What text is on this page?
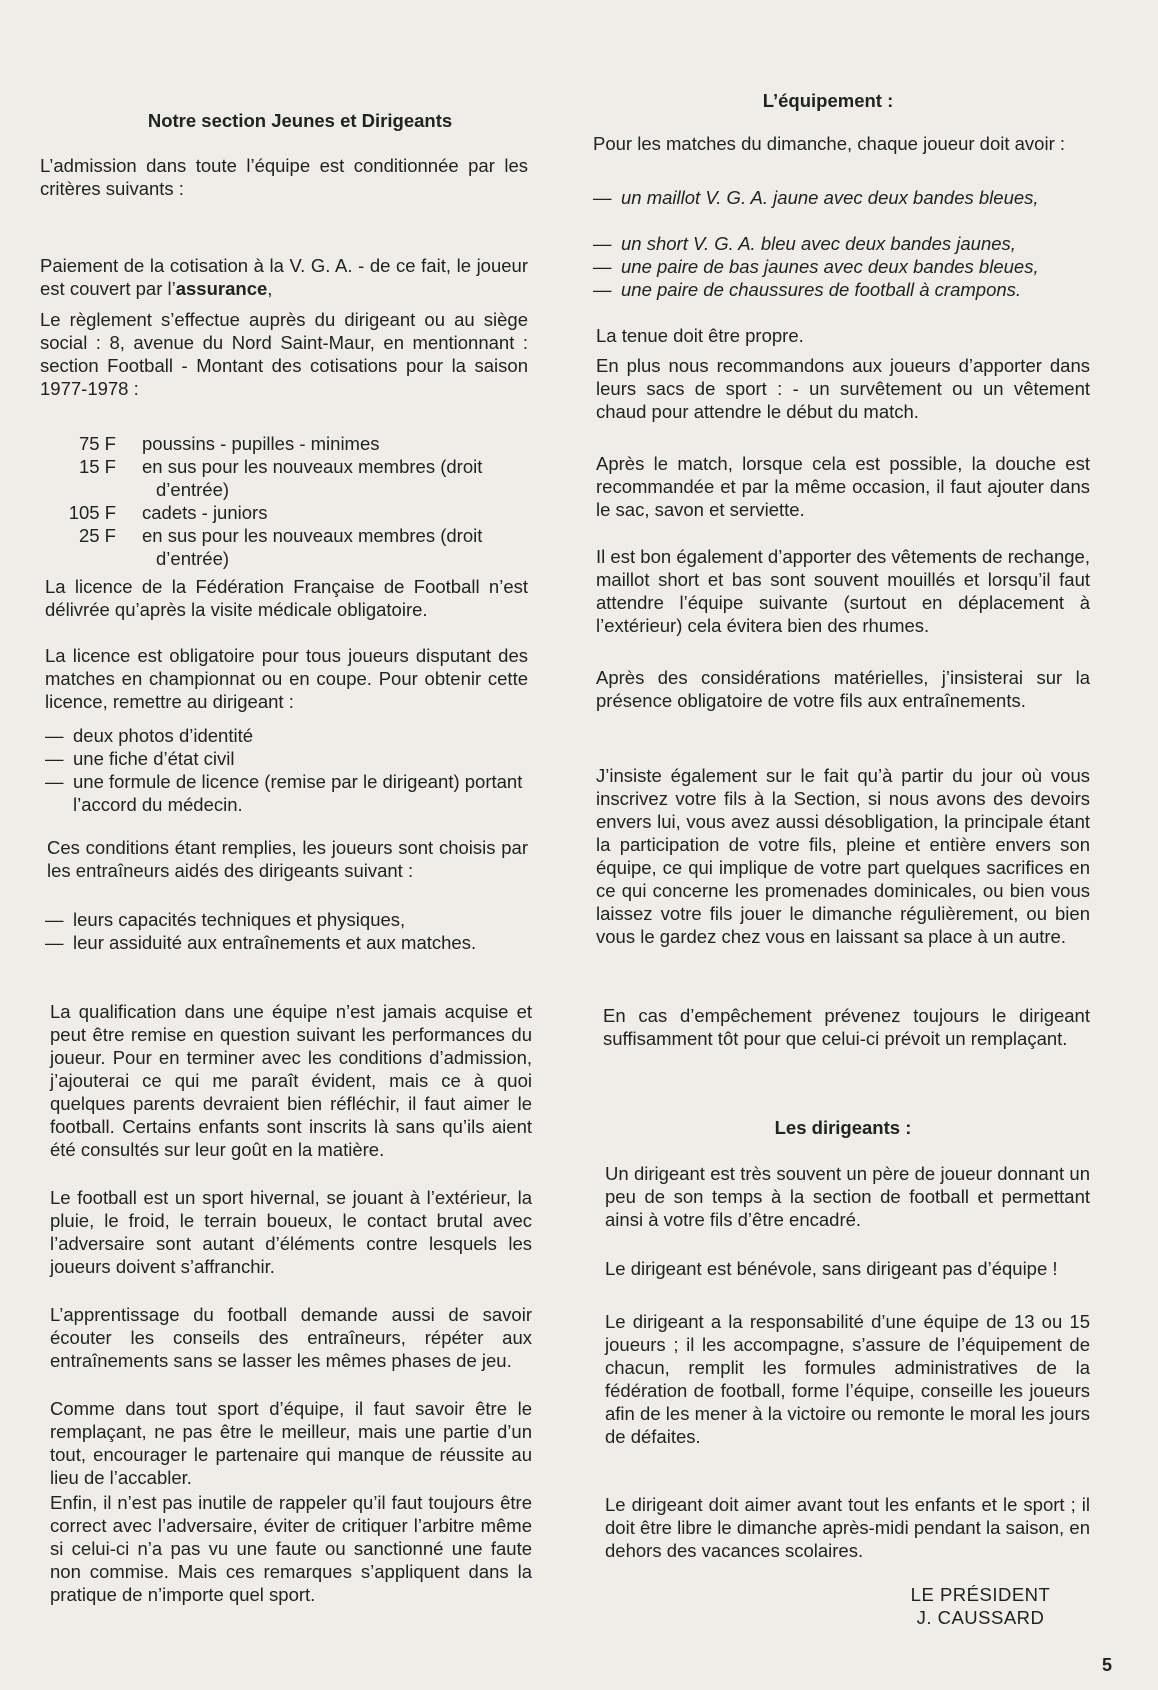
Notre section Jeunes et Dirigeants

L’admission dans toute l’équipe est conditionnée par les critères suivants :

Paiement de la cotisation à la V. G. A. - de ce fait, le joueur est couvert par l’assurance,

Le règlement s’effectue auprès du dirigeant ou au siège social : 8, avenue du Nord Saint-Maur, en mentionnant : section Football - Montant des cotisations pour la saison 1977-1978 :

75 F poussins - pupilles - minimes
15 F en sus pour les nouveaux membres (droit
d’entrée)
105 F cadets - juniors
25 F en sus pour les nouveaux membres (droit
d’entrée)

La licence de la Fédération Française de Football n’est délivrée qu’après la visite médicale obligatoire.

La licence est obligatoire pour tous joueurs disputant des matches en championnat ou en coupe. Pour obtenir cette licence, remettre au dirigeant :

— deux photos d’identité
— une fiche d’état civil
— une formule de licence (remise par le dirigeant) portant l’accord du médecin.

Ces conditions étant remplies, les joueurs sont choisis par les entraîneurs aidés des dirigeants suivant :

— leurs capacités techniques et physiques,
— leur assiduité aux entraînements et aux matches.

La qualification dans une équipe n’est jamais acquise et peut être remise en question suivant les performances du joueur. Pour en terminer avec les conditions d’admission, j’ajouterai ce qui me paraît évident, mais ce à quoi quelques parents devraient bien réfléchir, il faut aimer le football. Certains enfants sont inscrits là sans qu’ils aient été consultés sur leur goût en la matière.

Le football est un sport hivernal, se jouant à l’extérieur, la pluie, le froid, le terrain boueux, le contact brutal avec l’adversaire sont autant d’éléments contre lesquels les joueurs doivent s’affranchir.

L’apprentissage du football demande aussi de savoir écouter les conseils des entraîneurs, répéter aux entraînements sans se lasser les mêmes phases de jeu.

Comme dans tout sport d’équipe, il faut savoir être le remplaçant, ne pas être le meilleur, mais une partie d’un tout, encourager le partenaire qui manque de réussite au lieu de l’accabler.

Enfin, il n’est pas inutile de rappeler qu’il faut toujours être correct avec l’adversaire, éviter de critiquer l’arbitre même si celui-ci n’a pas vu une faute ou sanctionné une faute non commise. Mais ces remarques s’appliquent dans la pratique de n’importe quel sport.

L’équipement :

Pour les matches du dimanche, chaque joueur doit avoir :

— un maillot V. G. A. jaune avec deux bandes bleues,
— un short V. G. A. bleu avec deux bandes jaunes,
— une paire de bas jaunes avec deux bandes bleues,
— une paire de chaussures de football à crampons.

La tenue doit être propre.

En plus nous recommandons aux joueurs d’apporter dans leurs sacs de sport : - un survêtement ou un vêtement chaud pour attendre le début du match.

Après le match, lorsque cela est possible, la douche est recommandée et par la même occasion, il faut ajouter dans le sac, savon et serviette.

Il est bon également d’apporter des vêtements de rechange, maillot short et bas sont souvent mouillés et lorsqu’il faut attendre l’équipe suivante (surtout en déplacement à l’extérieur) cela évitera bien des rhumes.

Après des considérations matérielles, j’insisterai sur la présence obligatoire de votre fils aux entraînements.

J’insiste également sur le fait qu’à partir du jour où vous inscrivez votre fils à la Section, si nous avons des devoirs envers lui, vous avez aussi désobligation, la principale étant la participation de votre fils, pleine et entière envers son équipe, ce qui implique de votre part quelques sacrifices en ce qui concerne les promenades dominicales, ou bien vous laissez votre fils jouer le dimanche régulièrement, ou bien vous le gardez chez vous en laissant sa place à un autre.

En cas d’empêchement prévenez toujours le dirigeant suffisamment tôt pour que celui-ci prévoit un remplaçant.

Les dirigeants :

Un dirigeant est très souvent un père de joueur donnant un peu de son temps à la section de football et permettant ainsi à votre fils d’être encadré.

Le dirigeant est bénévole, sans dirigeant pas d’équipe !

Le dirigeant a la responsabilité d’une équipe de 13 ou 15 joueurs ; il les accompagne, s’assure de l’équipement de chacun, remplit les formules administratives de la fédération de football, forme l’équipe, conseille les joueurs afin de les mener à la victoire ou remonte le moral les jours de défaites.

Le dirigeant doit aimer avant tout les enfants et le sport ; il doit être libre le dimanche après-midi pendant la saison, en dehors des vacances scolaires.

LE PRÉSIDENT
J. CAUSSARD
5
